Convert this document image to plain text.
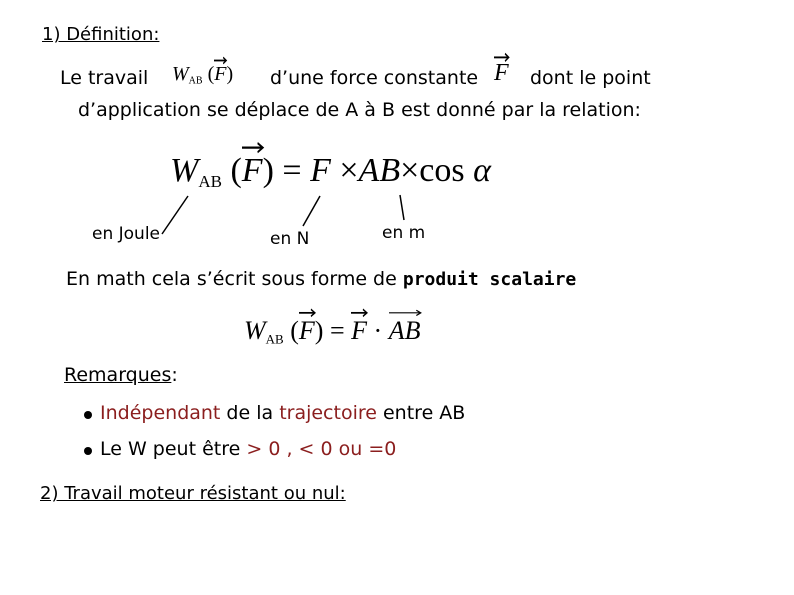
1) Définition:
Le travail $W_{AB}$ (
F) d’une force constante F dont le point
d’application se déplace de A à B est donné par la relation:
$W_{AB}$ (
F) = F ×AB×cos α
en Joule	en N	en m
En math cela s’écrit sous forme de produit scalaire
$W_{AB}$ (
F) = F · AB
Remarques:
Indépendant de la trajectoire entre AB
Le W peut être > 0 , < 0 ou =0
2) Travail moteur résistant ou nul:
